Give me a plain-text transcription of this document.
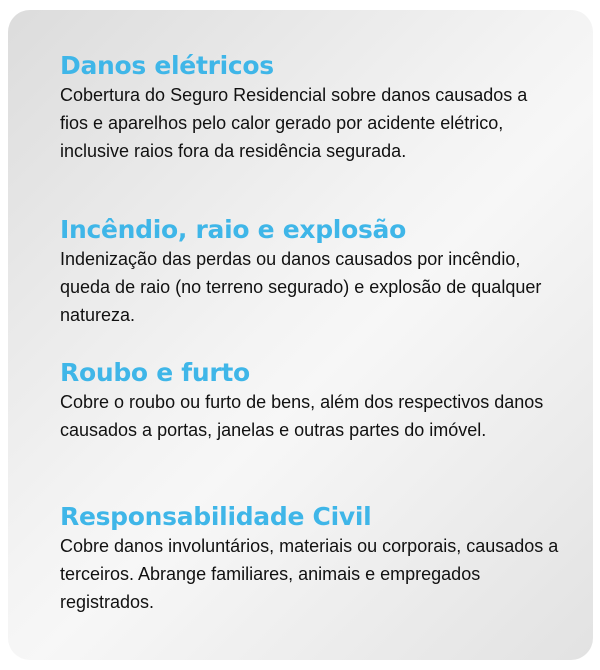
Danos elétricos

Cobertura do Seguro Residencial sobre danos causados a fios e aparelhos pelo calor gerado por acidente elétrico, inclusive raios fora da residência segurada.

Incêndio, raio e explosão

Indenização das perdas ou danos causados por incêndio, queda de raio (no terreno segurado) e explosão de qualquer natureza.

Roubo e furto

Cobre o roubo ou furto de bens, além dos respectivos danos causados a portas, janelas e outras partes do imóvel.

Responsabilidade Civil

Cobre danos involuntários, materiais ou corporais, causados a terceiros. Abrange familiares, animais e empregados registrados.
